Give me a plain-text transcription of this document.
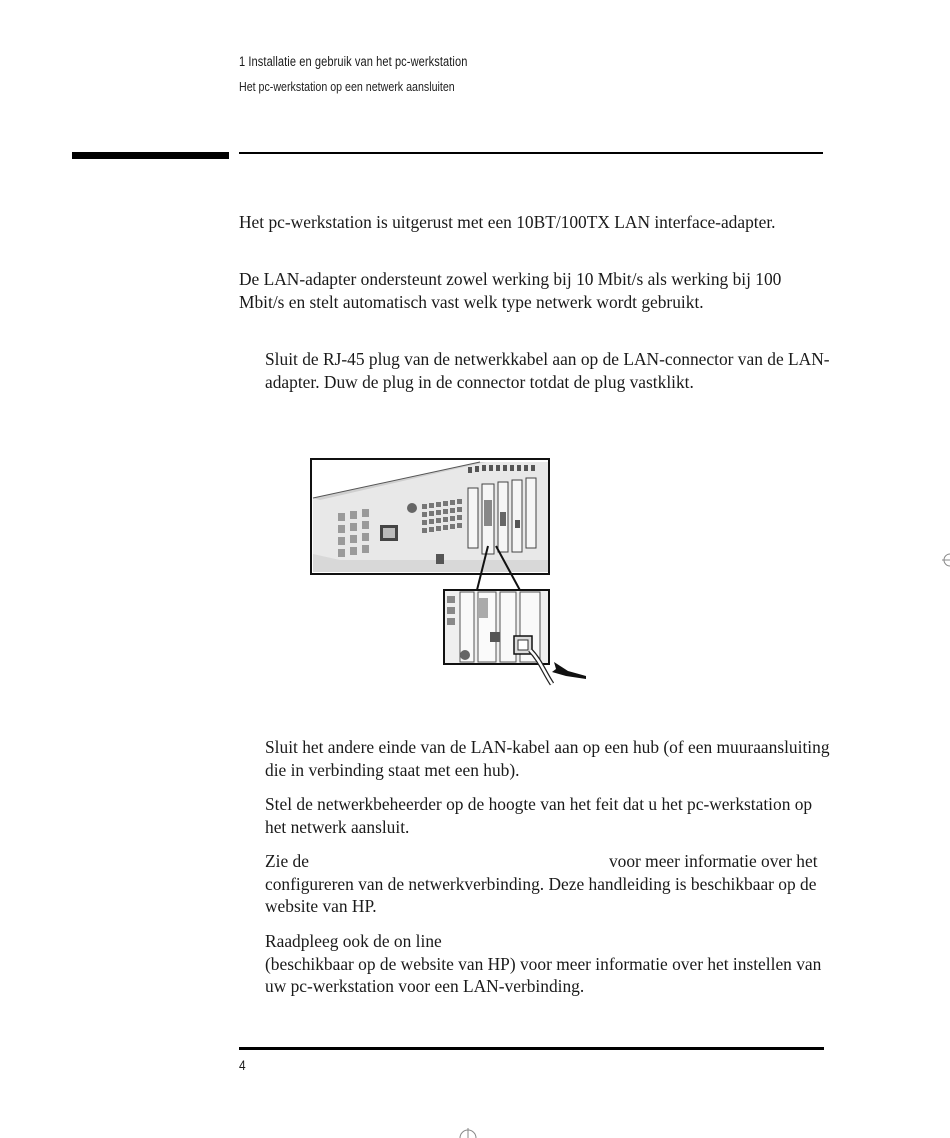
1 Installatie en gebruik van het pc-werkstation
Het pc-werkstation op een netwerk aansluiten

Het pc-werkstation is uitgerust met een 10BT/100TX LAN interface-adapter.

De LAN-adapter ondersteunt zowel werking bij 10 Mbit/s als werking bij 100 Mbit/s en stelt automatisch vast welk type netwerk wordt gebruikt.

Sluit de RJ-45 plug van de netwerkkabel aan op de LAN-connector van de LAN-adapter. Duw de plug in de connector totdat de plug vastklikt.

Sluit het andere einde van de LAN-kabel aan op een hub (of een muuraansluiting die in verbinding staat met een hub).

Stel de netwerkbeheerder op de hoogte van het feit dat u het pc-werkstation op het netwerk aansluit.

Zie de	voor meer informatie over het configureren van de netwerkverbinding. Deze handleiding is beschikbaar op de website van HP.

Raadpleeg ook de on line(beschikbaar op de website van HP) voor meer informatie over het instellen van uw pc-werkstation voor een LAN-verbinding.

4
